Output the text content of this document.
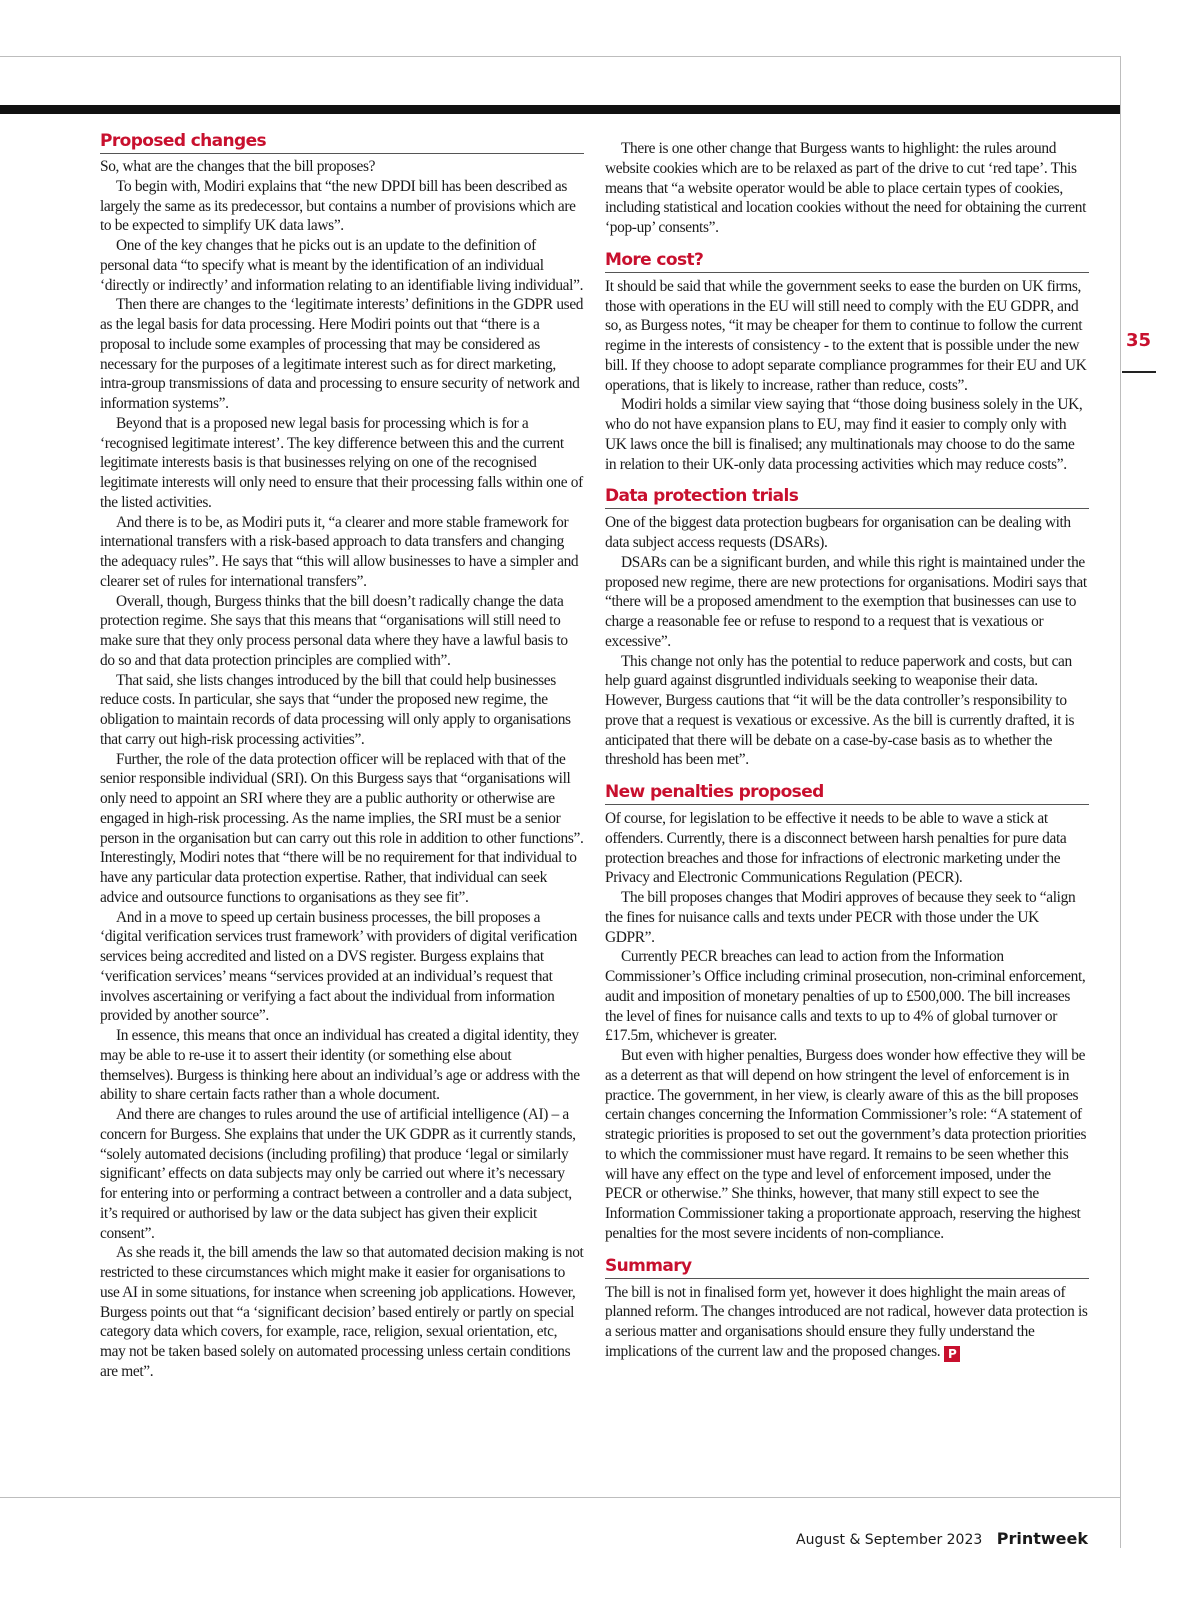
35
Proposed changes

So, what are the changes that the bill proposes?

To begin with, Modiri explains that “the new DPDI bill has been described as largely the same as its predecessor, but contains a number of provisions which are to be expected to simplify UK data laws”.

One of the key changes that he picks out is an update to the definition of personal data “to specify what is meant by the identification of an individual ‘directly or indirectly’ and information relating to an identifiable living individual”.

Then there are changes to the ‘legitimate interests’ definitions in the GDPR used as the legal basis for data processing. Here Modiri points out that “there is a proposal to include some examples of processing that may be considered as necessary for the purposes of a legitimate interest such as for direct marketing, intra-group transmissions of data and processing to ensure security of network and information systems”.

Beyond that is a proposed new legal basis for processing which is for a ‘recognised legitimate interest’. The key difference between this and the current legitimate interests basis is that businesses relying on one of the recognised legitimate interests will only need to ensure that their processing falls within one of the listed activities.

And there is to be, as Modiri puts it, “a clearer and more stable framework for international transfers with a risk-based approach to data transfers and changing the adequacy rules”. He says that “this will allow businesses to have a simpler and clearer set of rules for international transfers”.

Overall, though, Burgess thinks that the bill doesn’t radically change the data protection regime. She says that this means that “organisations will still need to make sure that they only process personal data where they have a lawful basis to do so and that data protection principles are complied with”.

That said, she lists changes introduced by the bill that could help businesses reduce costs. In particular, she says that “under the proposed new regime, the obligation to maintain records of data processing will only apply to organisations that carry out high-risk processing activities”.

Further, the role of the data protection officer will be replaced with that of the senior responsible individual (SRI). On this Burgess says that “organisations will only need to appoint an SRI where they are a public authority or otherwise are engaged in high-risk processing. As the name implies, the SRI must be a senior person in the organisation but can carry out this role in addition to other functions”. Interestingly, Modiri notes that “there will be no requirement for that individual to have any particular data protection expertise. Rather, that individual can seek advice and outsource functions to organisations as they see fit”.

And in a move to speed up certain business processes, the bill proposes a ‘digital verification services trust framework’ with providers of digital verification services being accredited and listed on a DVS register. Burgess explains that ‘verification services’ means “services provided at an individual’s request that involves ascertaining or verifying a fact about the individual from information provided by another source”.

In essence, this means that once an individual has created a digital identity, they may be able to re-use it to assert their identity (or something else about themselves). Burgess is thinking here about an individual’s age or address with the ability to share certain facts rather than a whole document.

And there are changes to rules around the use of artificial intelligence (AI) – a concern for Burgess. She explains that under the UK GDPR as it currently stands, “solely automated decisions (including profiling) that produce ‘legal or similarly significant’ effects on data subjects may only be carried out where it’s necessary for entering into or performing a contract between a controller and a data subject, it’s required or authorised by law or the data subject has given their explicit consent”.

As she reads it, the bill amends the law so that automated decision making is not restricted to these circumstances which might make it easier for organisations to use AI in some situations, for instance when screening job applications. However, Burgess points out that “a ‘significant decision’ based entirely or partly on special category data which covers, for example, race, religion, sexual orientation, etc, may not be taken based solely on automated processing unless certain conditions are met”.

There is one other change that Burgess wants to highlight: the rules around website cookies which are to be relaxed as part of the drive to cut ‘red tape’. This means that “a website operator would be able to place certain types of cookies, including statistical and location cookies without the need for obtaining the current ‘pop-up’ consents”.

More cost?

It should be said that while the government seeks to ease the burden on UK firms, those with operations in the EU will still need to comply with the EU GDPR, and so, as Burgess notes, “it may be cheaper for them to continue to follow the current regime in the interests of consistency - to the extent that is possible under the new bill. If they choose to adopt separate compliance programmes for their EU and UK operations, that is likely to increase, rather than reduce, costs”.

Modiri holds a similar view saying that “those doing business solely in the UK, who do not have expansion plans to EU, may find it easier to comply only with UK laws once the bill is finalised; any multinationals may choose to do the same in relation to their UK-only data processing activities which may reduce costs”.

Data protection trials

One of the biggest data protection bugbears for organisation can be dealing with data subject access requests (DSARs).

DSARs can be a significant burden, and while this right is maintained under the proposed new regime, there are new protections for organisations. Modiri says that “there will be a proposed amendment to the exemption that businesses can use to charge a reasonable fee or refuse to respond to a request that is vexatious or excessive”.

This change not only has the potential to reduce paperwork and costs, but can help guard against disgruntled individuals seeking to weaponise their data. However, Burgess cautions that “it will be the data controller’s responsibility to prove that a request is vexatious or excessive. As the bill is currently drafted, it is anticipated that there will be debate on a case-by-case basis as to whether the threshold has been met”.

New penalties proposed

Of course, for legislation to be effective it needs to be able to wave a stick at offenders. Currently, there is a disconnect between harsh penalties for pure data protection breaches and those for infractions of electronic marketing under the Privacy and Electronic Communications Regulation (PECR).

The bill proposes changes that Modiri approves of because they seek to “align the fines for nuisance calls and texts under PECR with those under the UK GDPR”.

Currently PECR breaches can lead to action from the Information Commissioner’s Office including criminal prosecution, non-criminal enforcement, audit and imposition of monetary penalties of up to £500,000. The bill increases the level of fines for nuisance calls and texts to up to 4% of global turnover or £17.5m, whichever is greater.

But even with higher penalties, Burgess does wonder how effective they will be as a deterrent as that will depend on how stringent the level of enforcement is in practice. The government, in her view, is clearly aware of this as the bill proposes certain changes concerning the Information Commissioner’s role: “A statement of strategic priorities is proposed to set out the government’s data protection priorities to which the commissioner must have regard. It remains to be seen whether this will have any effect on the type and level of enforcement imposed, under the PECR or otherwise.” She thinks, however, that many still expect to see the Information Commissioner taking a proportionate approach, reserving the highest penalties for the most severe incidents of non-compliance.

Summary

The bill is not in finalised form yet, however it does highlight the main areas of planned reform. The changes introduced are not radical, however data protection is a serious matter and organisations should ensure they fully understand the implications of the current law and the proposed changes. P

August & September 2023 Printweek
